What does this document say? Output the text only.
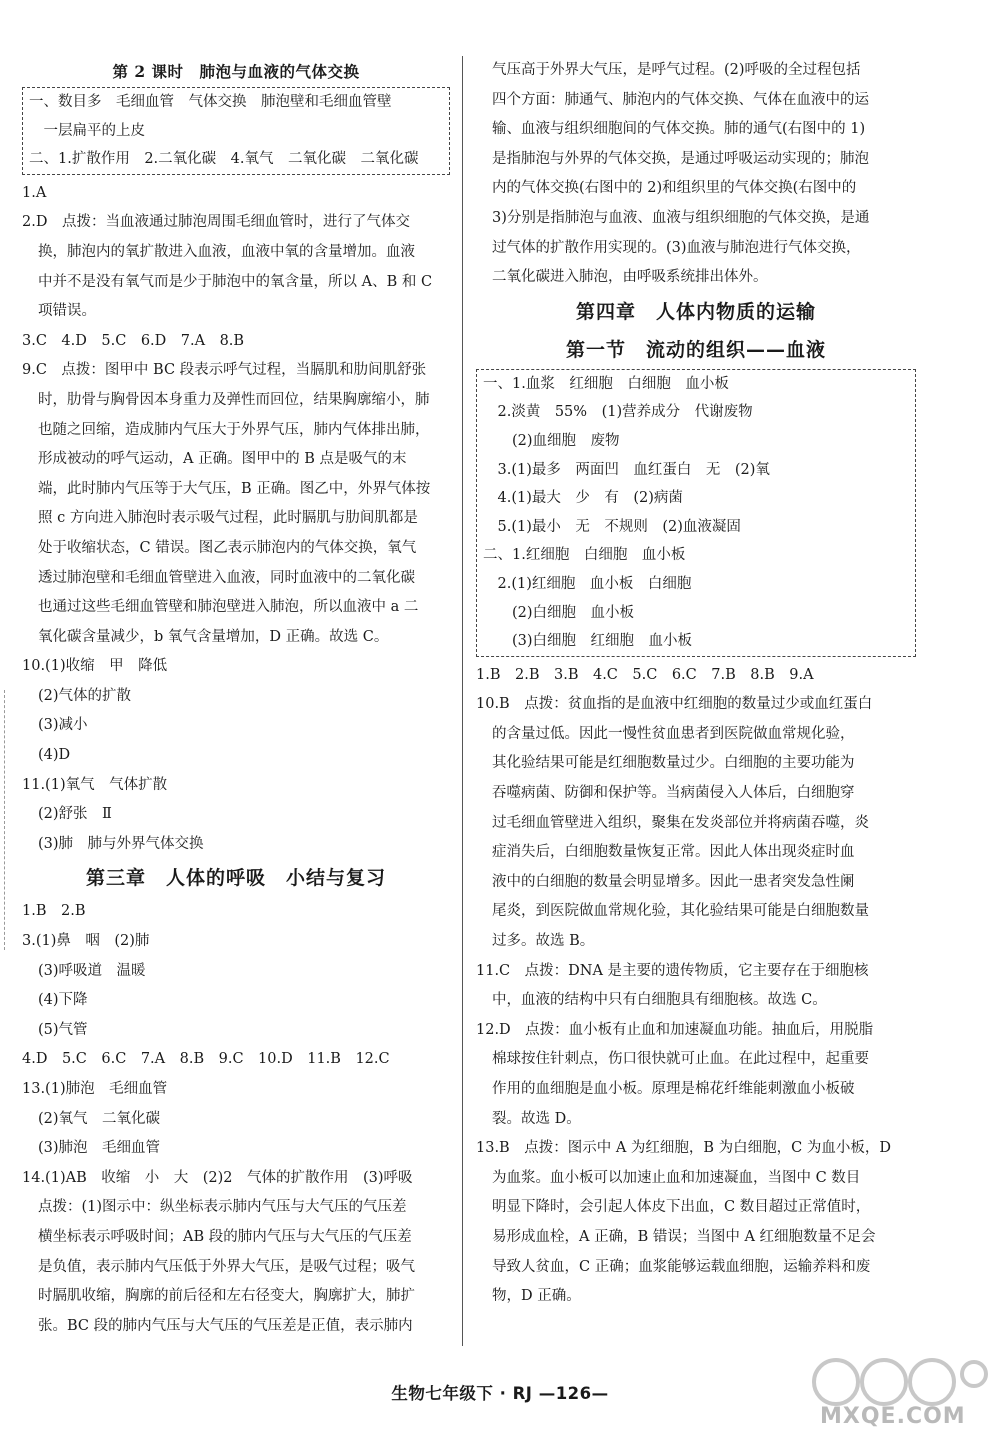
第 2 课时　肺泡与血液的气体交换
一、数目多　毛细血管　气体交换　肺泡壁和毛细血管壁
　一层扁平的上皮
二、1.扩散作用　2.二氧化碳　4.氧气　二氧化碳　二氧化碳
1.A
2.D　点拨：当血液通过肺泡周围毛细血管时，进行了气体交
换，肺泡内的氧扩散进入血液，血液中氧的含量增加。血液
中并不是没有氧气而是少于肺泡中的氧含量，所以 A、B 和 C
项错误。
3.C　4.D　5.C　6.D　7.A　8.B
9.C　点拨：图甲中 BC 段表示呼气过程，当膈肌和肋间肌舒张
时，肋骨与胸骨因本身重力及弹性而回位，结果胸廓缩小，肺
也随之回缩，造成肺内气压大于外界气压，肺内气体排出肺，
形成被动的呼气运动，A 正确。图甲中的 B 点是吸气的末
端，此时肺内气压等于大气压，B 正确。图乙中，外界气体按
照 c 方向进入肺泡时表示吸气过程，此时膈肌与肋间肌都是
处于收缩状态，C 错误。图乙表示肺泡内的气体交换，氧气
透过肺泡壁和毛细血管壁进入血液，同时血液中的二氧化碳
也通过这些毛细血管壁和肺泡壁进入肺泡，所以血液中 a 二
氧化碳含量减少，b 氧气含量增加，D 正确。故选 C。
10.(1)收缩　甲　降低
(2)气体的扩散
(3)减小
(4)D
11.(1)氧气　气体扩散
(2)舒张　Ⅱ
(3)肺　肺与外界气体交换
第三章　人体的呼吸　小结与复习
1.B　2.B
3.(1)鼻　咽　(2)肺
(3)呼吸道　温暖
(4)下降
(5)气管
4.D　5.C　6.C　7.A　8.B　9.C　10.D　11.B　12.C
13.(1)肺泡　毛细血管
(2)氧气　二氧化碳
(3)肺泡　毛细血管
14.(1)AB　收缩　小　大　(2)2　气体的扩散作用　(3)呼吸
点拨：(1)图示中：纵坐标表示肺内气压与大气压的气压差
横坐标表示呼吸时间；AB 段的肺内气压与大气压的气压差
是负值，表示肺内气压低于外界大气压，是吸气过程；吸气
时膈肌收缩，胸廓的前后径和左右径变大，胸廓扩大，肺扩
张。BC 段的肺内气压与大气压的气压差是正值，表示肺内
气压高于外界大气压，是呼气过程。(2)呼吸的全过程包括
四个方面：肺通气、肺泡内的气体交换、气体在血液中的运
输、血液与组织细胞间的气体交换。肺的通气(右图中的 1)
是指肺泡与外界的气体交换，是通过呼吸运动实现的；肺泡
内的气体交换(右图中的 2)和组织里的气体交换(右图中的
3)分别是指肺泡与血液、血液与组织细胞的气体交换，是通
过气体的扩散作用实现的。(3)血液与肺泡进行气体交换，
二氧化碳进入肺泡，由呼吸系统排出体外。
第四章　人体内物质的运输
第一节　流动的组织——血液
一、1.血浆　红细胞　白细胞　血小板
　2.淡黄　55%　(1)营养成分　代谢废物
　　(2)血细胞　废物
　3.(1)最多　两面凹　血红蛋白　无　(2)氧
　4.(1)最大　少　有　(2)病菌
　5.(1)最小　无　不规则　(2)血液凝固
二、1.红细胞　白细胞　血小板
　2.(1)红细胞　血小板　白细胞
　　(2)白细胞　血小板
　　(3)白细胞　红细胞　血小板
1.B　2.B　3.B　4.C　5.C　6.C　7.B　8.B　9.A
10.B　点拨：贫血指的是血液中红细胞的数量过少或血红蛋白
的含量过低。因此一慢性贫血患者到医院做血常规化验，
其化验结果可能是红细胞数量过少。白细胞的主要功能为
吞噬病菌、防御和保护等。当病菌侵入人体后，白细胞穿
过毛细血管壁进入组织，聚集在发炎部位并将病菌吞噬，炎
症消失后，白细胞数量恢复正常。因此人体出现炎症时血
液中的白细胞的数量会明显增多。因此一患者突发急性阑
尾炎，到医院做血常规化验，其化验结果可能是白细胞数量
过多。故选 B。
11.C　点拨：DNA 是主要的遗传物质，它主要存在于细胞核
中，血液的结构中只有白细胞具有细胞核。故选 C。
12.D　点拨：血小板有止血和加速凝血功能。抽血后，用脱脂
棉球按住针刺点，伤口很快就可止血。在此过程中，起重要
作用的血细胞是血小板。原理是棉花纤维能刺激血小板破
裂。故选 D。
13.B　点拨：图示中 A 为红细胞，B 为白细胞，C 为血小板，D
为血浆。血小板可以加速止血和加速凝血，当图中 C 数目
明显下降时，会引起人体皮下出血，C 数目超过正常值时，
易形成血栓，A 正确，B 错误；当图中 A 红细胞数量不足会
导致人贫血，C 正确；血浆能够运载血细胞，运输养料和废
物，D 正确。
生物七年级下 · RJ —126—
MXQE.COM
